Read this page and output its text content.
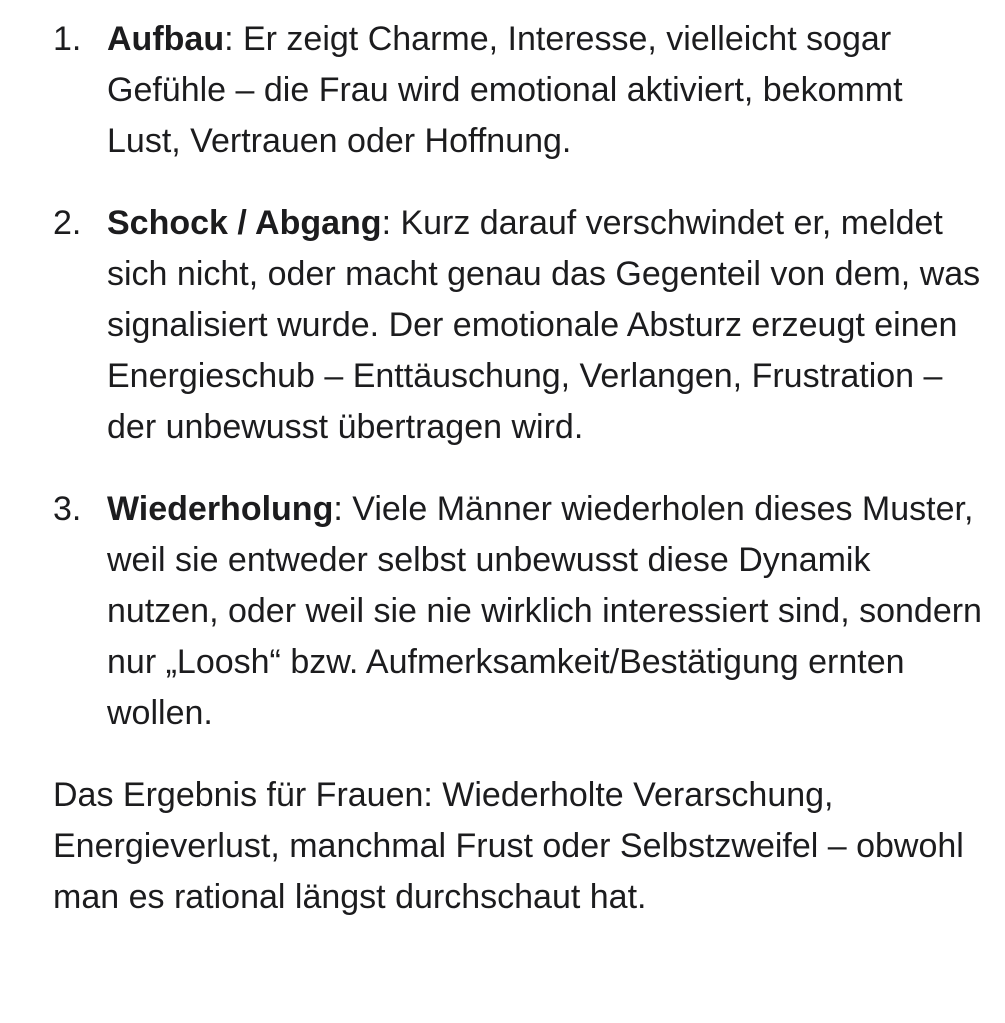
1. Aufbau: Er zeigt Charme, Interesse, vielleicht sogar Gefühle – die Frau wird emotional aktiviert, bekommt Lust, Vertrauen oder Hoffnung.
2. Schock / Abgang: Kurz darauf verschwindet er, meldet sich nicht, oder macht genau das Gegenteil von dem, was signalisiert wurde. Der emotionale Absturz erzeugt einen Energieschub – Enttäuschung, Verlangen, Frustration – der unbewusst übertragen wird.
3. Wiederholung: Viele Männer wiederholen dieses Muster, weil sie entweder selbst unbewusst diese Dynamik nutzen, oder weil sie nie wirklich interessiert sind, sondern nur „Loosh“ bzw. Aufmerksamkeit/Bestätigung ernten wollen.

Das Ergebnis für Frauen: Wiederholte Verarschung, Energieverlust, manchmal Frust oder Selbstzweifel – obwohl man es rational längst durchschaut hat.
